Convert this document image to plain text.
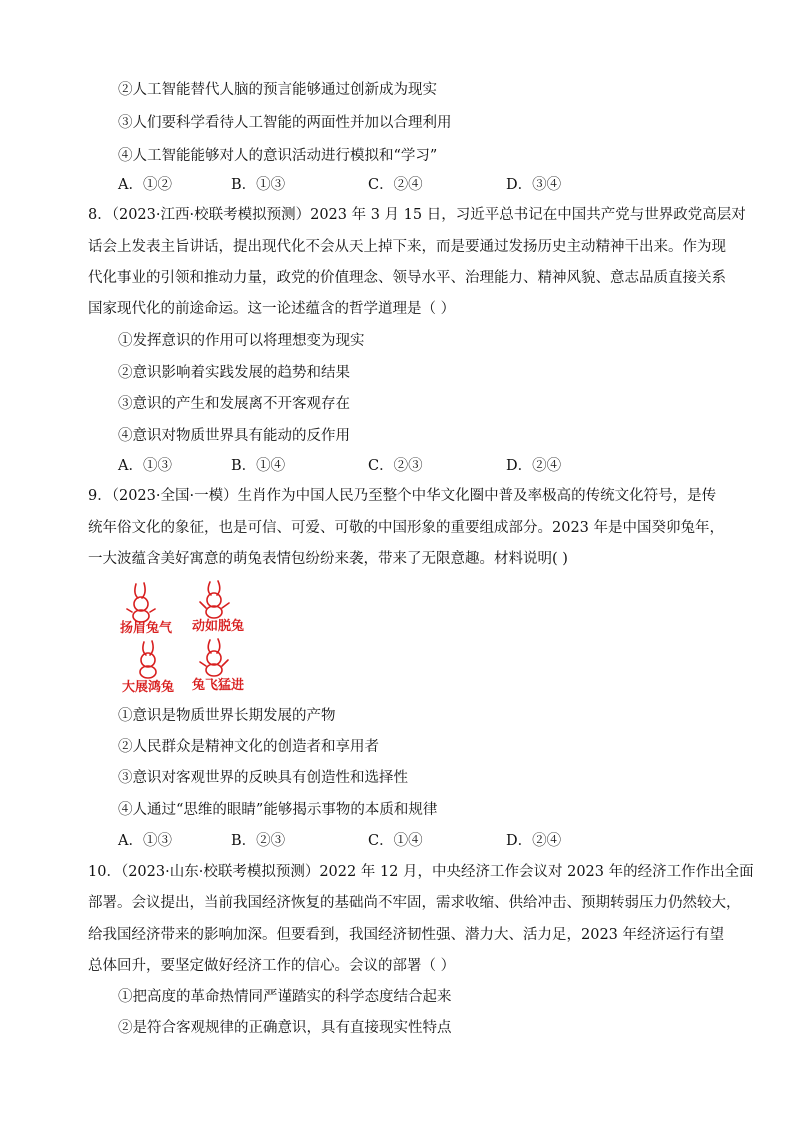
②人工智能替代人脑的预言能够通过创新成为现实
③人们要科学看待人工智能的两面性并加以合理利用
④人工智能能够对人的意识活动进行模拟和“学习”
A．①②	B．①③	C．②④	D．③④
8．（2023·江西·校联考模拟预测）2023 年 3 月 15 日，习近平总书记在中国共产党与世界政党高层对
话会上发表主旨讲话，提出现代化不会从天上掉下来，而是要通过发扬历史主动精神干出来。作为现
代化事业的引领和推动力量，政党的价值理念、领导水平、治理能力、精神风貌、意志品质直接关系
国家现代化的前途命运。这一论述蕴含的哲学道理是（ ）
①发挥意识的作用可以将理想变为现实
②意识影响着实践发展的趋势和结果
③意识的产生和发展离不开客观存在
④意识对物质世界具有能动的反作用
A．①③	B．①④	C．②③	D．②④
9．（2023·全国·一模）生肖作为中国人民乃至整个中华文化圈中普及率极高的传统文化符号，是传
统年俗文化的象征，也是可信、可爱、可敬的中国形象的重要组成部分。2023 年是中国癸卯兔年，
一大波蕴含美好寓意的萌兔表情包纷纷来袭，带来了无限意趣。材料说明( )
扬眉兔气 动如脱兔
大展鸿兔 兔飞猛进
①意识是物质世界长期发展的产物
②人民群众是精神文化的创造者和享用者
③意识对客观世界的反映具有创造性和选择性
④人通过“思维的眼睛”能够揭示事物的本质和规律
A．①③	B．②③	C．①④	D．②④
10．（2023·山东·校联考模拟预测）2022 年 12 月，中央经济工作会议对 2023 年的经济工作作出全面
部署。会议提出，当前我国经济恢复的基础尚不牢固，需求收缩、供给冲击、预期转弱压力仍然较大，
给我国经济带来的影响加深。但要看到，我国经济韧性强、潜力大、活力足，2023 年经济运行有望
总体回升，要坚定做好经济工作的信心。会议的部署（ ）
①把高度的革命热情同严谨踏实的科学态度结合起来
②是符合客观规律的正确意识，具有直接现实性特点
